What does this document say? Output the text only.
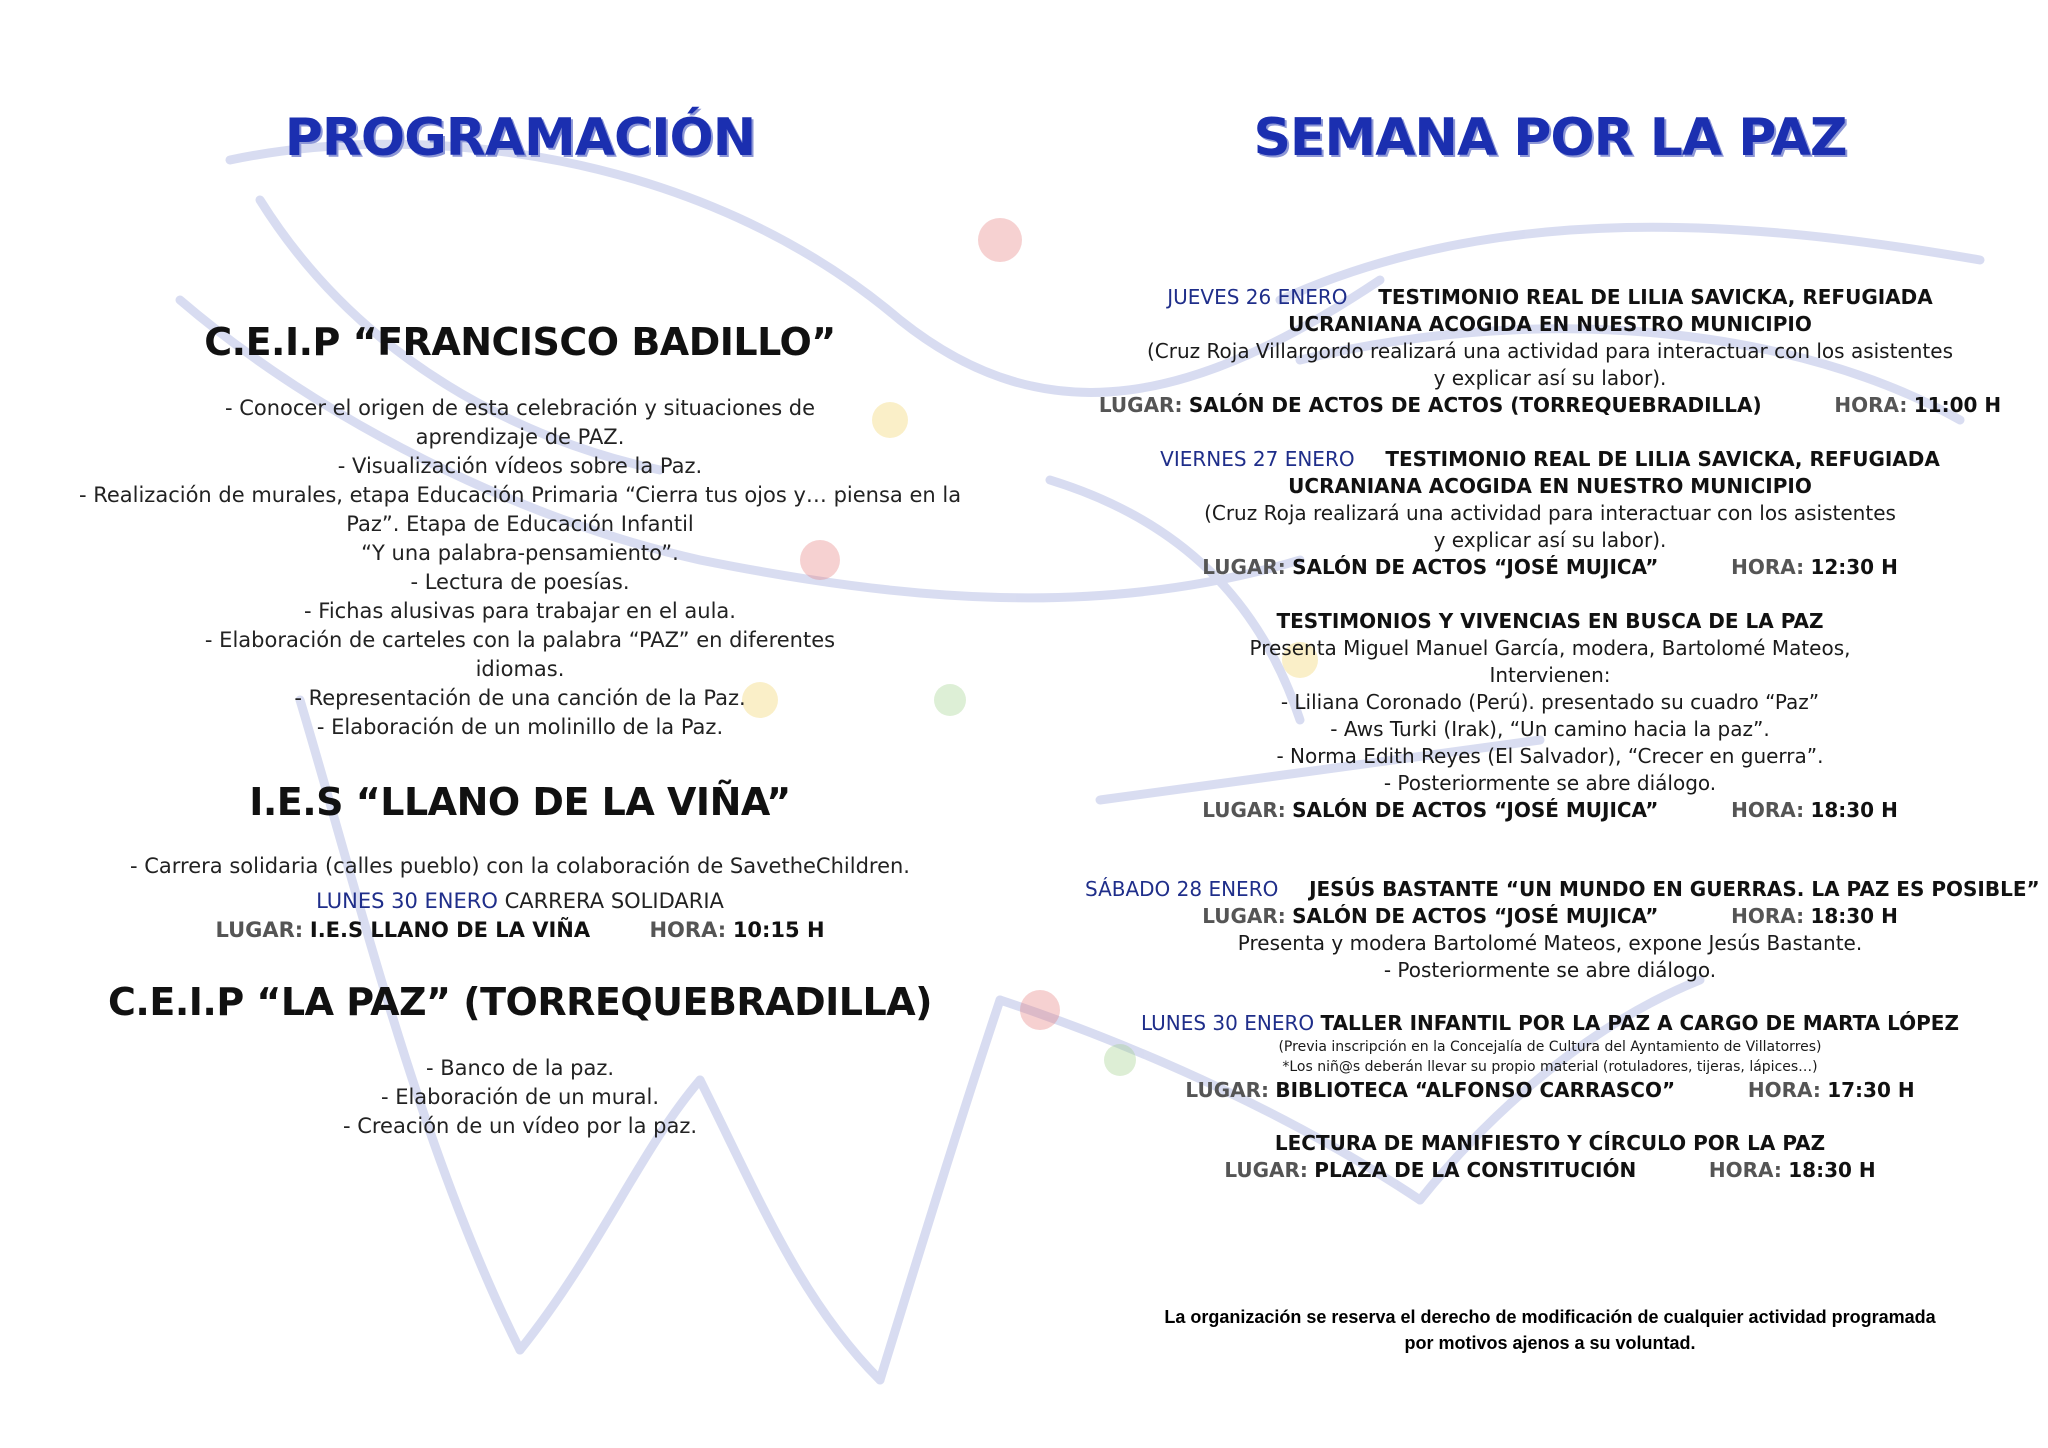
PROGRAMACIÓN
C.E.I.P “FRANCISCO BADILLO”
- Conocer el origen de esta celebración y situaciones de
aprendizaje de PAZ.
- Visualización vídeos sobre la Paz.
- Realización de murales, etapa Educación Primaria “Cierra tus ojos y… piensa en la
Paz”. Etapa de Educación Infantil
“Y una palabra-pensamiento”.
- Lectura de poesías.
- Fichas alusivas para trabajar en el aula.
- Elaboración de carteles con la palabra “PAZ” en diferentes
idiomas.
- Representación de una canción de la Paz.
- Elaboración de un molinillo de la Paz.
I.E.S “LLANO DE LA VIÑA”
- Carrera solidaria (calles pueblo) con la colaboración de SavetheChildren.
LUNES 30 ENERO CARRERA SOLIDARIA
LUGAR: I.E.S LLANO DE LA VIÑA	HORA: 10:15 H
C.E.I.P “LA PAZ” (TORREQUEBRADILLA)
- Banco de la paz.
- Elaboración de un mural.
- Creación de un vídeo por la paz.
SEMANA POR LA PAZ
JUEVES 26 ENERO TESTIMONIO REAL DE LILIA SAVICKA, REFUGIADA
UCRANIANA ACOGIDA EN NUESTRO MUNICIPIO
(Cruz Roja Villargordo realizará una actividad para interactuar con los asistentes
y explicar así su labor).
LUGAR: SALÓN DE ACTOS DE ACTOS (TORREQUEBRADILLA)	HORA: 11:00 H
VIERNES 27 ENERO TESTIMONIO REAL DE LILIA SAVICKA, REFUGIADA
UCRANIANA ACOGIDA EN NUESTRO MUNICIPIO
(Cruz Roja realizará una actividad para interactuar con los asistentes
y explicar así su labor).
LUGAR: SALÓN DE ACTOS “JOSÉ MUJICA”	HORA: 12:30 H
TESTIMONIOS Y VIVENCIAS EN BUSCA DE LA PAZ
Presenta Miguel Manuel García, modera, Bartolomé Mateos,
Intervienen:
- Liliana Coronado (Perú). presentado su cuadro “Paz”
- Aws Turki (Irak), “Un camino hacia la paz”.
- Norma Edith Reyes (El Salvador), “Crecer en guerra”.
- Posteriormente se abre diálogo.
LUGAR: SALÓN DE ACTOS “JOSÉ MUJICA”	HORA: 18:30 H
SÁBADO 28 ENERO JESÚS BASTANTE “UN MUNDO EN GUERRAS. LA PAZ ES POSIBLE”
LUGAR: SALÓN DE ACTOS “JOSÉ MUJICA”	HORA: 18:30 H
Presenta y modera Bartolomé Mateos, expone Jesús Bastante.
- Posteriormente se abre diálogo.
LUNES 30 ENERO TALLER INFANTIL POR LA PAZ A CARGO DE MARTA LÓPEZ
(Previa inscripción en la Concejalía de Cultura del Ayntamiento de Villatorres)
*Los niñ@s deberán llevar su propio material (rotuladores, tijeras, lápices…)
LUGAR: BIBLIOTECA “ALFONSO CARRASCO”	HORA: 17:30 H
LECTURA DE MANIFIESTO Y CÍRCULO POR LA PAZ
LUGAR: PLAZA DE LA CONSTITUCIÓN	HORA: 18:30 H
La organización se reserva el derecho de modificación de cualquier actividad programada
por motivos ajenos a su voluntad.
